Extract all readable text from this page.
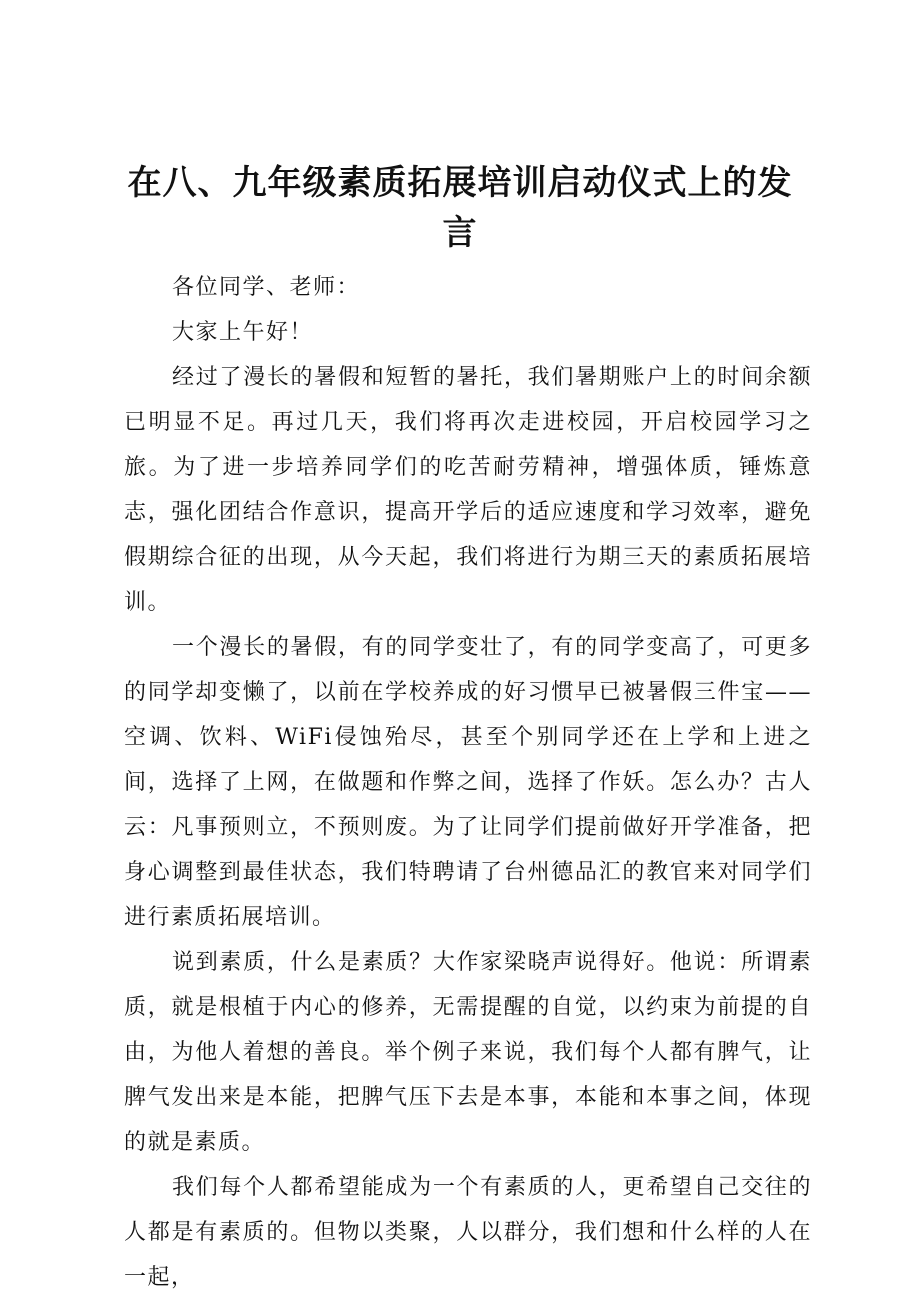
在八、九年级素质拓展培训启动仪式上的发言

各位同学、老师：

大家上午好！

经过了漫长的暑假和短暂的暑托，我们暑期账户上的时间余额已明显不足。再过几天，我们将再次走进校园，开启校园学习之旅。为了进一步培养同学们的吃苦耐劳精神，增强体质，锤炼意志，强化团结合作意识，提高开学后的适应速度和学习效率，避免假期综合征的出现，从今天起，我们将进行为期三天的素质拓展培训。

一个漫长的暑假，有的同学变壮了，有的同学变高了，可更多的同学却变懒了，以前在学校养成的好习惯早已被暑假三件宝——空调、饮料、WiFi侵蚀殆尽，甚至个别同学还在上学和上进之间，选择了上网，在做题和作弊之间，选择了作妖。怎么办？古人云：凡事预则立，不预则废。为了让同学们提前做好开学准备，把身心调整到最佳状态，我们特聘请了台州德品汇的教官来对同学们进行素质拓展培训。

说到素质，什么是素质？大作家梁晓声说得好。他说：所谓素质，就是根植于内心的修养，无需提醒的自觉，以约束为前提的自由，为他人着想的善良。举个例子来说，我们每个人都有脾气，让脾气发出来是本能，把脾气压下去是本事，本能和本事之间，体现的就是素质。

我们每个人都希望能成为一个有素质的人，更希望自己交往的人都是有素质的。但物以类聚，人以群分，我们想和什么样的人在一起，
